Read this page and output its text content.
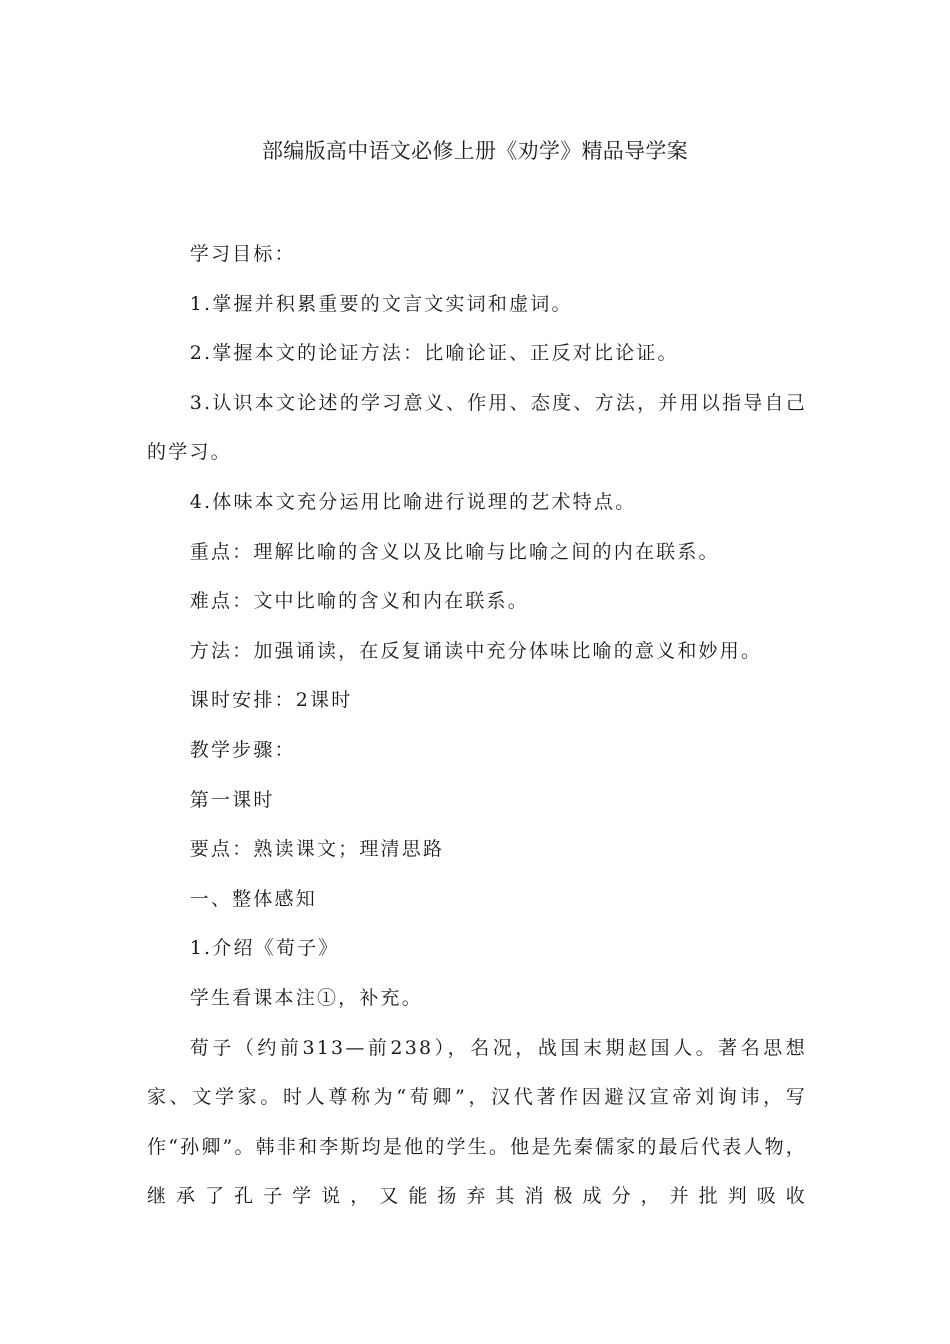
部编版高中语文必修上册《劝学》精品导学案

学习目标：

1.掌握并积累重要的文言文实词和虚词。

2.掌握本文的论证方法：比喻论证、正反对比论证。

3.认识本文论述的学习意义、作用、态度、方法，并用以指导自己的学习。

4.体味本文充分运用比喻进行说理的艺术特点。

重点：理解比喻的含义以及比喻与比喻之间的内在联系。

难点：文中比喻的含义和内在联系。

方法：加强诵读，在反复诵读中充分体味比喻的意义和妙用。

课时安排：2课时

教学步骤：

第一课时

要点：熟读课文；理清思路

一、整体感知

1.介绍《荀子》

学生看课本注①，补充。

荀子（约前313—前238），名况，战国末期赵国人。著名思想家、文学家。时人尊称为“荀卿”，汉代著作因避汉宣帝刘询讳，写作“孙卿”。韩非和李斯均是他的学生。他是先秦儒家的最后代表人物，继承了孔子学说，又能扬弃其消极成分，并批判吸收
